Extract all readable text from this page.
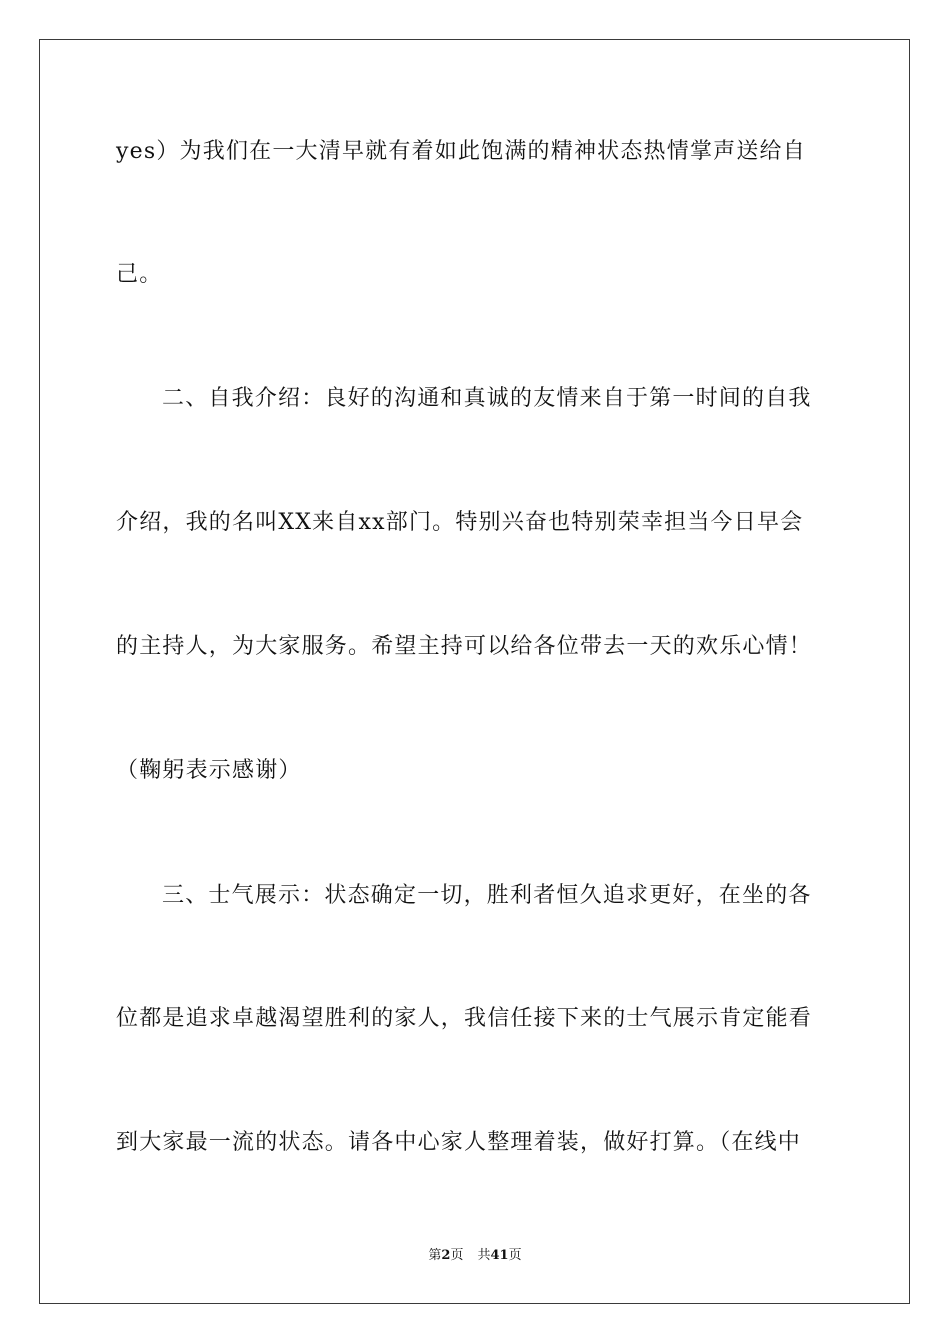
yes）为我们在一大清早就有着如此饱满的精神状态热情掌声送给自
己。
二、自我介绍：良好的沟通和真诚的友情来自于第一时间的自我
介绍，我的名叫XX来自xx部门。特别兴奋也特别荣幸担当今日早会
的主持人，为大家服务。希望主持可以给各位带去一天的欢乐心情！
（鞠躬表示感谢）
三、士气展示：状态确定一切，胜利者恒久追求更好，在坐的各
位都是追求卓越渴望胜利的家人，我信任接下来的士气展示肯定能看
到大家最一流的状态。请各中心家人整理着装，做好打算。（在线中
第2页 共41页
